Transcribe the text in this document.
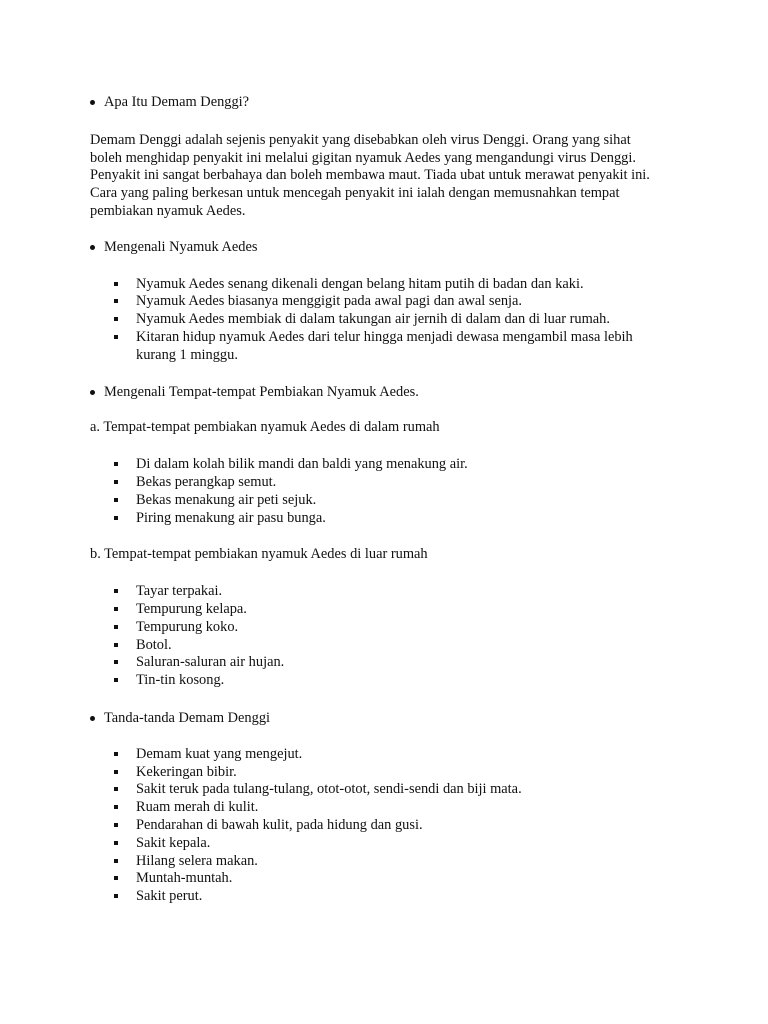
Apa Itu Demam Denggi?

Demam Denggi adalah sejenis penyakit yang disebabkan oleh virus Denggi. Orang yang sihat
boleh menghidap penyakit ini melalui gigitan nyamuk Aedes yang mengandungi virus Denggi.
Penyakit ini sangat berbahaya dan boleh membawa maut. Tiada ubat untuk merawat penyakit ini.
Cara yang paling berkesan untuk mencegah penyakit ini ialah dengan memusnahkan tempat
pembiakan nyamuk Aedes.

Mengenali Nyamuk Aedes
Nyamuk Aedes senang dikenali dengan belang hitam putih di badan dan kaki.
Nyamuk Aedes biasanya menggigit pada awal pagi dan awal senja.
Nyamuk Aedes membiak di dalam takungan air jernih di dalam dan di luar rumah.
Kitaran hidup nyamuk Aedes dari telur hingga menjadi dewasa mengambil masa lebih
kurang 1 minggu.
Mengenali Tempat-tempat Pembiakan Nyamuk Aedes.

a. Tempat-tempat pembiakan nyamuk Aedes di dalam rumah

Di dalam kolah bilik mandi dan baldi yang menakung air.
Bekas perangkap semut.
Bekas menakung air peti sejuk.
Piring menakung air pasu bunga.

b. Tempat-tempat pembiakan nyamuk Aedes di luar rumah

Tayar terpakai.
Tempurung kelapa.
Tempurung koko.
Botol.
Saluran-saluran air hujan.
Tin-tin kosong.
Tanda-tanda Demam Denggi
Demam kuat yang mengejut.
Kekeringan bibir.
Sakit teruk pada tulang-tulang, otot-otot, sendi-sendi dan biji mata.
Ruam merah di kulit.
Pendarahan di bawah kulit, pada hidung dan gusi.
Sakit kepala.
Hilang selera makan.
Muntah-muntah.
Sakit perut.
